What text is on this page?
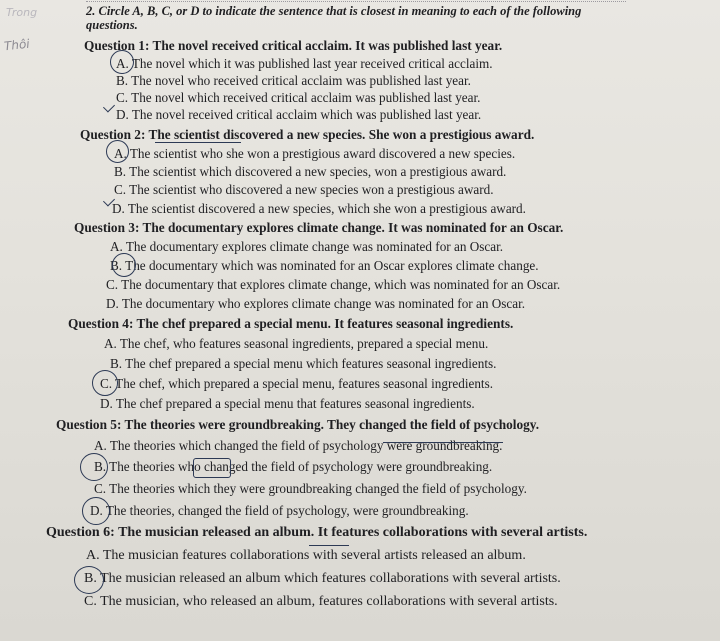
Trong
Thôi
2. Circle A, B, C, or D to indicate the sentence that is closest in meaning to each of the following
questions.
Question 1: The novel received critical acclaim. It was published last year.
A. The novel which it was published last year received critical acclaim.
B. The novel who received critical acclaim was published last year.
C. The novel which received critical acclaim was published last year.
D. The novel received critical acclaim which was published last year.
Question 2: The scientist discovered a new species. She won a prestigious award.
A. The scientist who she won a prestigious award discovered a new species.
B. The scientist which discovered a new species, won a prestigious award.
C. The scientist who discovered a new species won a prestigious award.
D. The scientist discovered a new species, which she won a prestigious award.
Question 3: The documentary explores climate change. It was nominated for an Oscar.
A. The documentary explores climate change was nominated for an Oscar.
B. The documentary which was nominated for an Oscar explores climate change.
C. The documentary that explores climate change, which was nominated for an Oscar.
D. The documentary who explores climate change was nominated for an Oscar.
Question 4: The chef prepared a special menu. It features seasonal ingredients.
A. The chef, who features seasonal ingredients, prepared a special menu.
B. The chef prepared a special menu which features seasonal ingredients.
C. The chef, which prepared a special menu, features seasonal ingredients.
D. The chef prepared a special menu that features seasonal ingredients.
Question 5: The theories were groundbreaking. They changed the field of psychology.
A. The theories which changed the field of psychology were groundbreaking.
B. The theories who changed the field of psychology were groundbreaking.
C. The theories which they were groundbreaking changed the field of psychology.
D. The theories, changed the field of psychology, were groundbreaking.
Question 6: The musician released an album. It features collaborations with several artists.
A. The musician features collaborations with several artists released an album.
B. The musician released an album which features collaborations with several artists.
C. The musician, who released an album, features collaborations with several artists.
